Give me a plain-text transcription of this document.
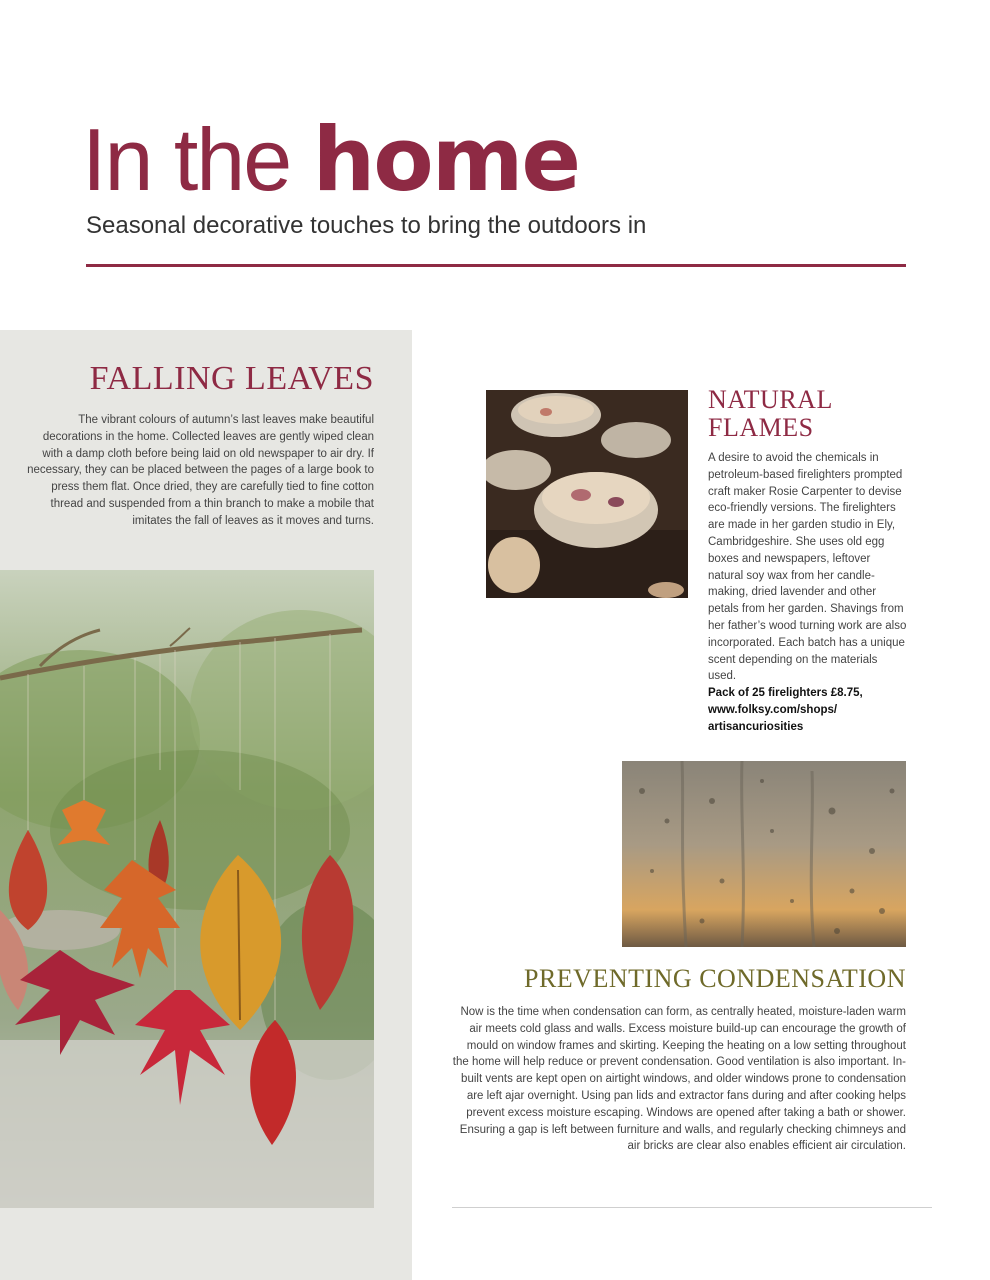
In the home
Seasonal decorative touches to bring the outdoors in
FALLING LEAVES

The vibrant colours of autumn’s last leaves make beautiful decorations in the home. Collected leaves are gently wiped clean with a damp cloth before being laid on old newspaper to air dry. If necessary, they can be placed between the pages of a large book to press them flat. Once dried, they are carefully tied to fine cotton thread and suspended from a thin branch to make a mobile that imitates the fall of leaves as it moves and turns.

NATURAL
FLAMES
A desire to avoid the chemicals in petroleum-based firelighters prompted craft maker Rosie Carpenter to devise eco-friendly versions. The firelighters are made in her garden studio in Ely, Cambridgeshire. She uses old egg boxes and newspapers, leftover natural soy wax from her candle-making, dried lavender and other petals from her garden. Shavings from her father’s wood turning work are also incorporated. Each batch has a unique scent depending on the materials used.
Pack of 25 firelighters £8.75,
www.folksy.com/shops/
artisancuriosities
PREVENTING CONDENSATION

Now is the time when condensation can form, as centrally heated, moisture-laden warm air meets cold glass and walls. Excess moisture build-up can encourage the growth of mould on window frames and skirting. Keeping the heating on a low setting throughout the home will help reduce or prevent condensation. Good ventilation is also important. In-built vents are kept open on airtight windows, and older windows prone to condensation are left ajar overnight. Using pan lids and extractor fans during and after cooking helps prevent excess moisture escaping. Windows are opened after taking a bath or shower. Ensuring a gap is left between furniture and walls, and regularly checking chimneys and air bricks are clear also enables efficient air circulation.
